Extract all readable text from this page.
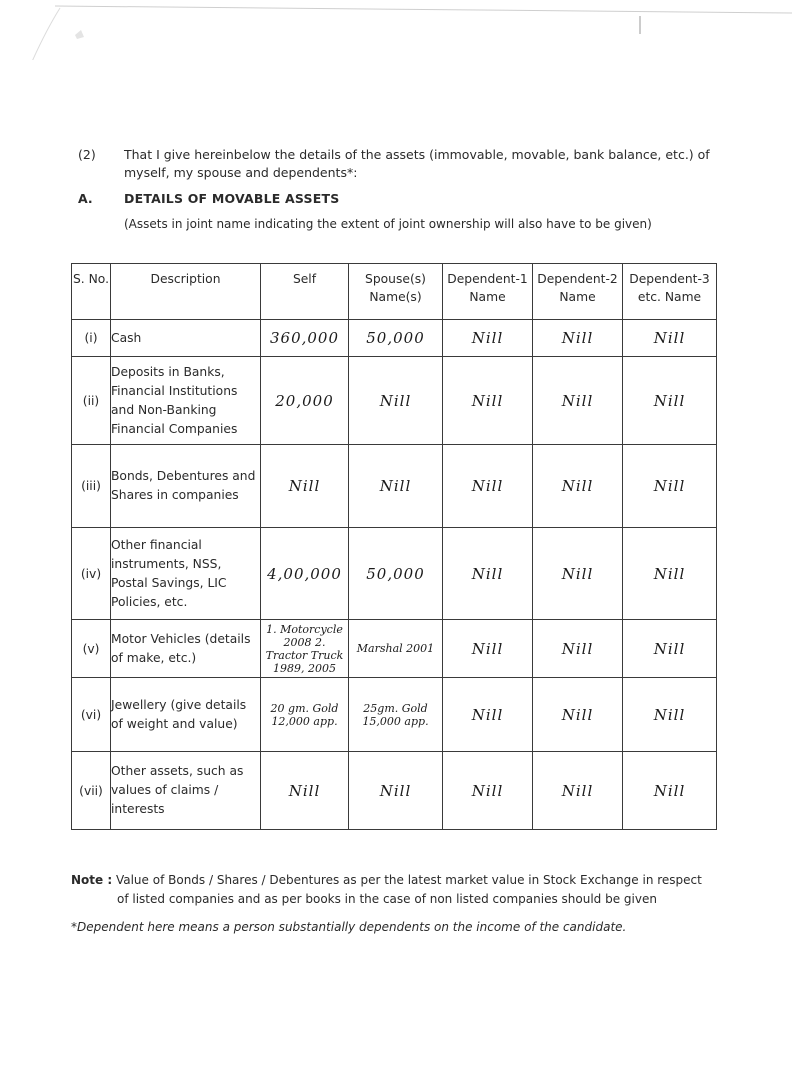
(2) That I give hereinbelow the details of the assets (immovable, movable, bank balance, etc.) of myself, my spouse and dependents*:
A.	DETAILS OF MOVABLE ASSETS
(Assets in joint name indicating the extent of joint ownership will also have to be given)
S. No.	Description	Self	Spouse(s) Name(s)	Dependent-1 Name	Dependent-2 Name	Dependent-3 etc. Name
(i)	Cash	360,000	50,000	Nill	Nill	Nill
(ii)	Deposits in Banks, Financial Institutions and Non-Banking Financial Companies	20,000	Nill	Nill	Nill	Nill
(iii)	Bonds, Debentures and Shares in companies	Nill	Nill	Nill	Nill	Nill
(iv)	Other financial instruments, NSS, Postal Savings, LIC Policies, etc.	4,00,000	50,000	Nill	Nill	Nill
(v)	Motor Vehicles (details of make, etc.)	1. Motorcycle 2008 2. Tractor Truck 1989, 2005	Marshal 2001	Nill	Nill	Nill
(vi)	Jewellery (give details of weight and value)	20 gm. Gold 12,000 app.	25gm. Gold 15,000 app.	Nill	Nill	Nill
(vii)	Other assets, such as values of claims / interests	Nill	Nill	Nill	Nill	Nill
Note : Value of Bonds / Shares / Debentures as per the latest market value in Stock Exchange in respect
of listed companies and as per books in the case of non listed companies should be given
*Dependent here means a person substantially dependents on the income of the candidate.
